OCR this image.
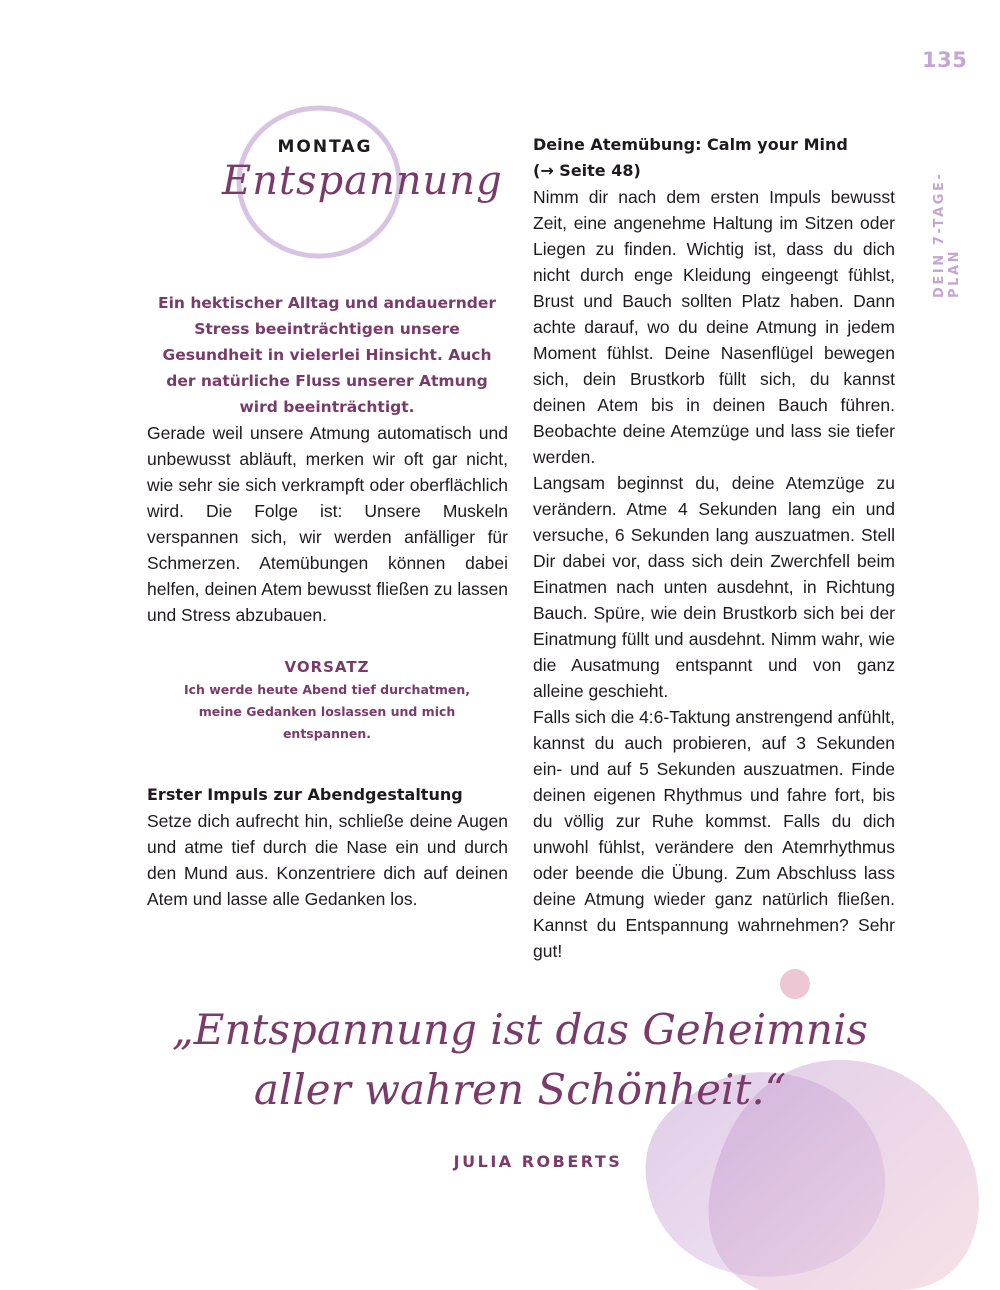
135
DEIN 7-TAGE-PLAN
MONTAG
Entspannung
Ein hektischer Alltag und andauernder Stress beeinträchtigen unsere Gesundheit in vielerlei Hinsicht. Auch der natürliche Fluss unserer Atmung wird beeinträchtigt.

Gerade weil unsere Atmung automatisch und unbewusst abläuft, merken wir oft gar nicht, wie sehr sie sich verkrampft oder oberflächlich wird. Die Folge ist: Unsere Muskeln verspannen sich, wir werden anfälliger für Schmerzen. Atemübungen können dabei helfen, deinen Atem bewusst fließen zu lassen und Stress abzubauen.

VORSATZ
Ich werde heute Abend tief durchatmen, meine Gedanken loslassen und mich entspannen.

Erster Impuls zur Abendgestaltung

Setze dich aufrecht hin, schließe deine Augen und atme tief durch die Nase ein und durch den Mund aus. Konzentriere dich auf deinen Atem und lasse alle Gedanken los.

Deine Atemübung: Calm your Mind

(→ Seite 48)

Nimm dir nach dem ersten Impuls bewusst Zeit, eine angenehme Haltung im Sitzen oder Liegen zu finden. Wichtig ist, dass du dich nicht durch enge Kleidung eingeengt fühlst, Brust und Bauch sollten Platz haben. Dann achte darauf, wo du deine Atmung in jedem Moment fühlst. Deine Nasenflügel bewegen sich, dein Brustkorb füllt sich, du kannst deinen Atem bis in deinen Bauch führen. Beobachte deine Atemzüge und lass sie tiefer werden.

Langsam beginnst du, deine Atemzüge zu verändern. Atme 4 Sekunden lang ein und versuche, 6 Sekunden lang auszuatmen. Stell Dir dabei vor, dass sich dein Zwerchfell beim Einatmen nach unten ausdehnt, in Richtung Bauch. Spüre, wie dein Brustkorb sich bei der Einatmung füllt und ausdehnt. Nimm wahr, wie die Ausatmung entspannt und von ganz alleine geschieht.

Falls sich die 4:6-Taktung anstrengend anfühlt, kannst du auch probieren, auf 3 Sekunden ein- und auf 5 Sekunden auszuatmen. Finde deinen eigenen Rhythmus und fahre fort, bis du völlig zur Ruhe kommst. Falls du dich unwohl fühlst, verändere den Atemrhythmus oder beende die Übung. Zum Abschluss lass deine Atmung wieder ganz natürlich fließen. Kannst du Entspannung wahrnehmen? Sehr gut!

„Entspannung ist das Geheimnis
aller wahren Schönheit.“
JULIA ROBERTS
